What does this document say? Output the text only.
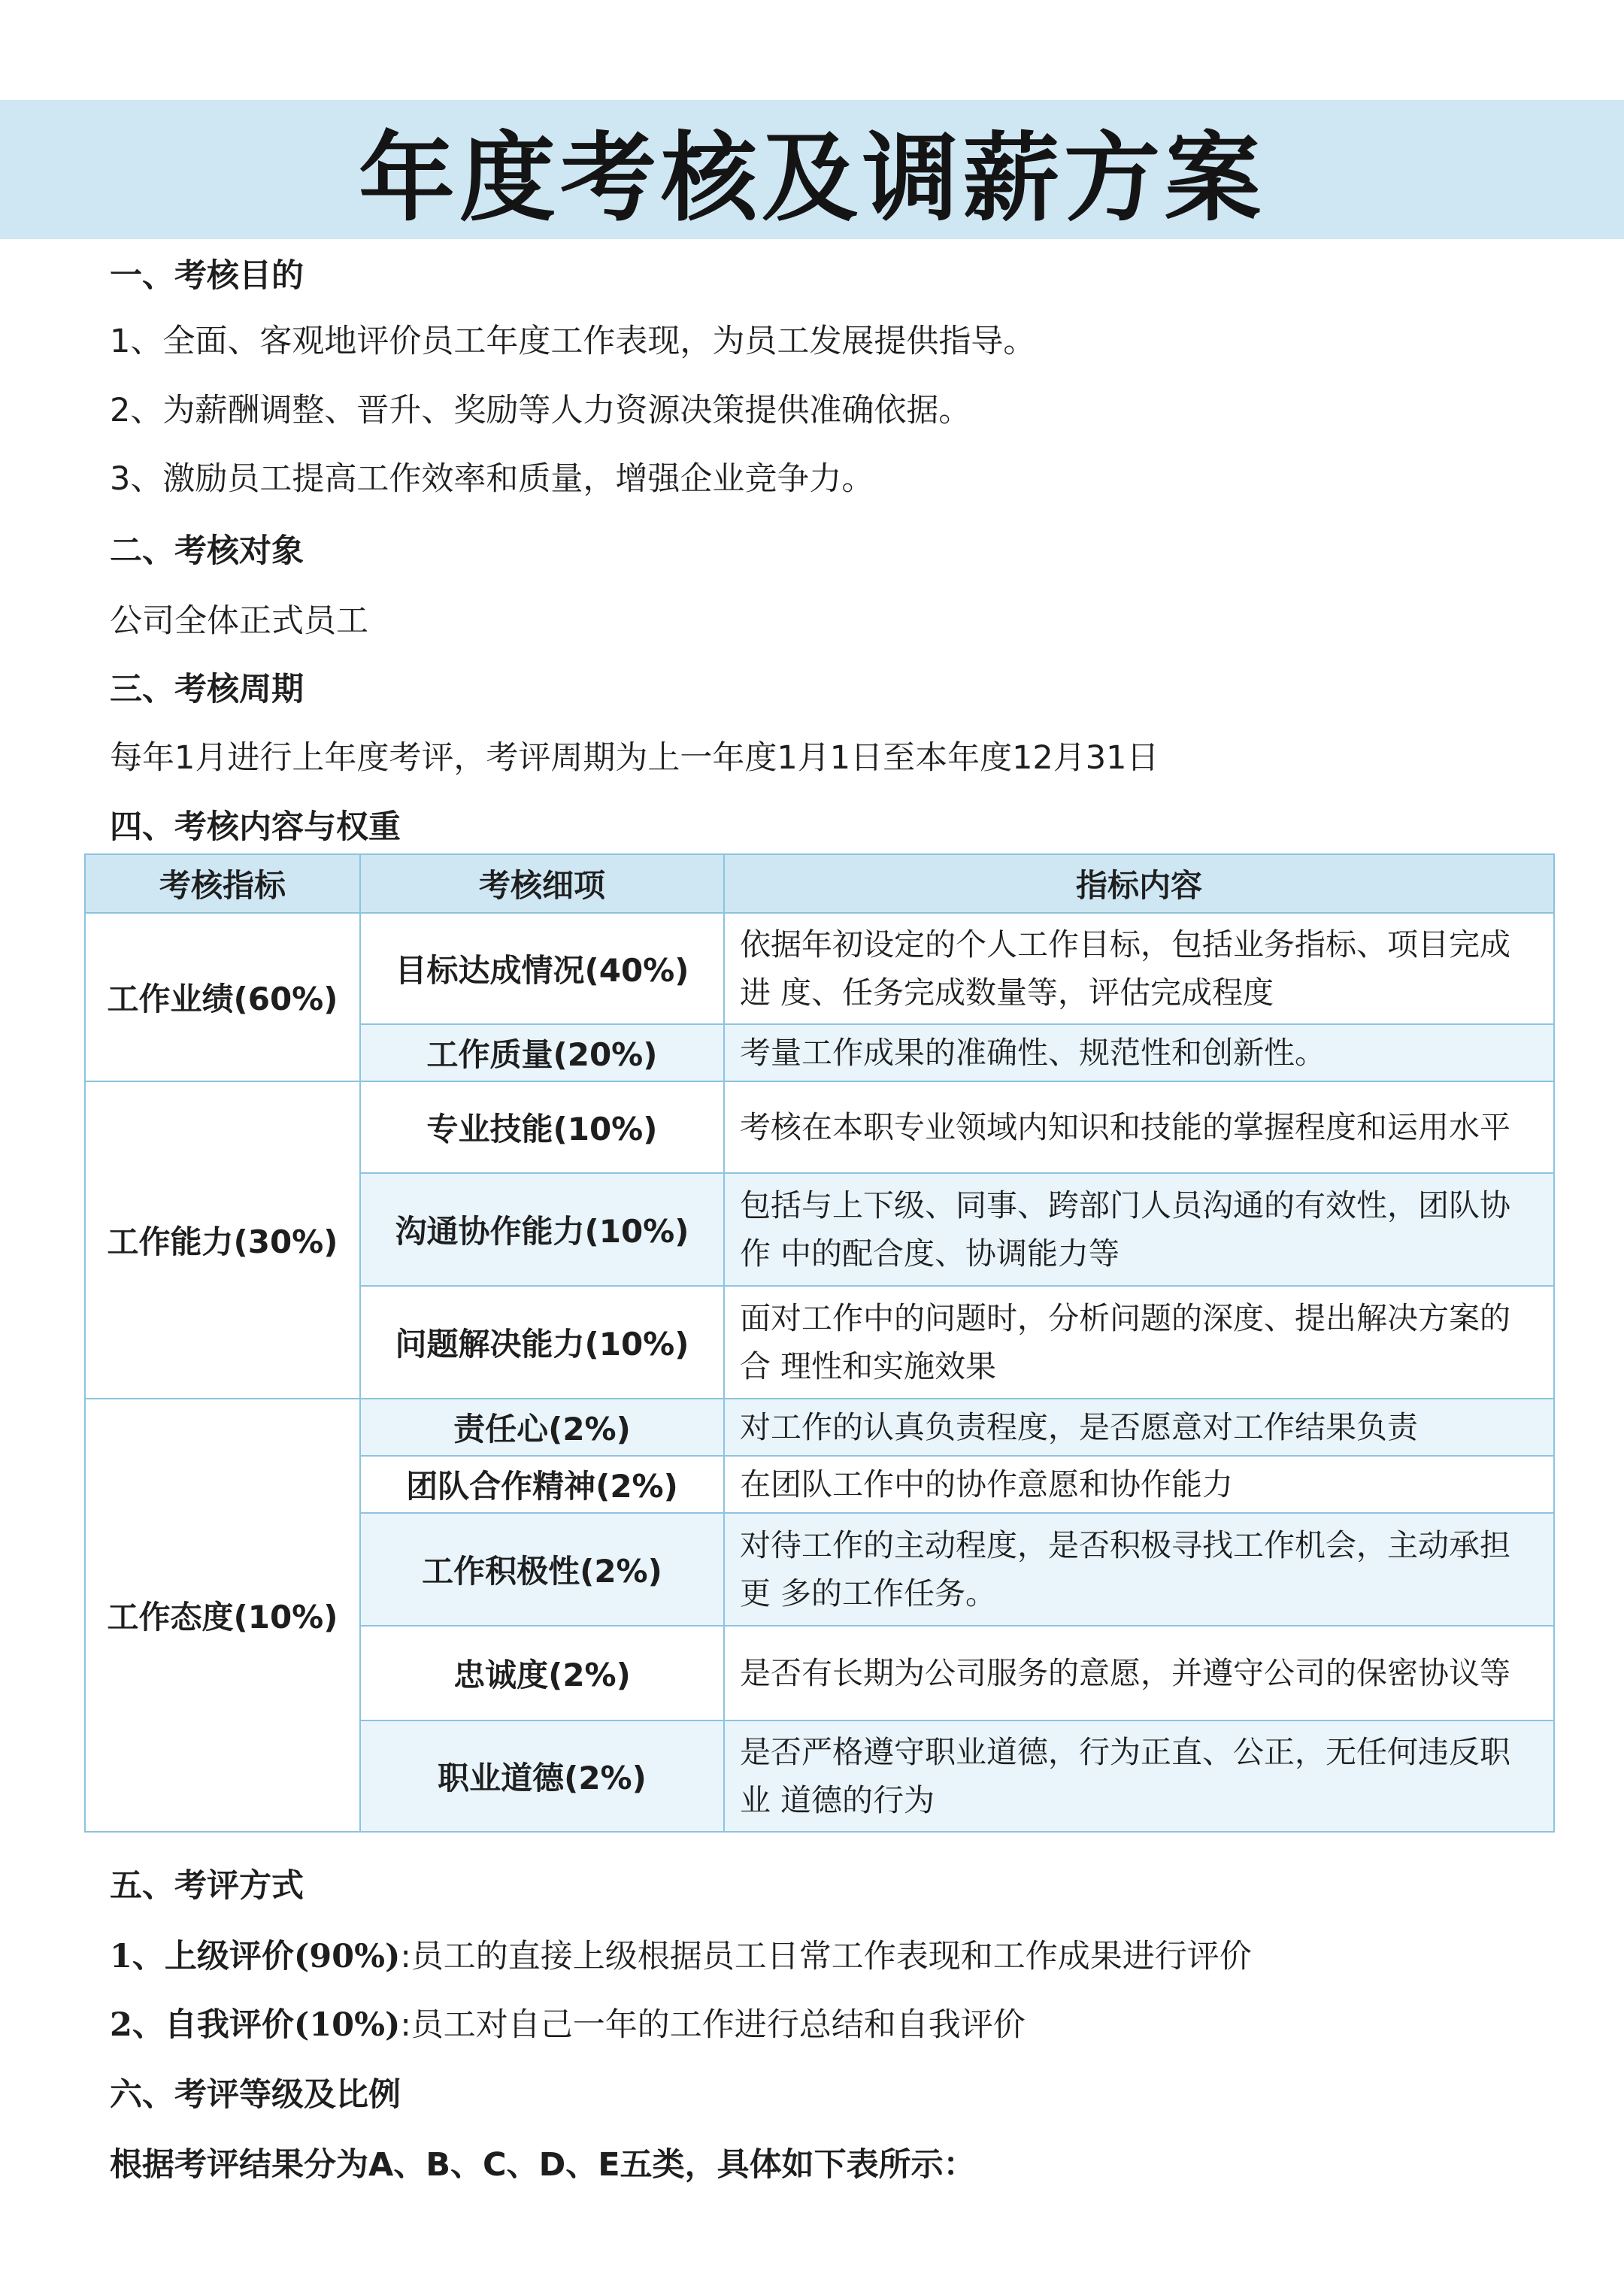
年度考核及调薪方案
一、考核目的
1、全面、客观地评价员工年度工作表现，为员工发展提供指导。
2、为薪酬调整、晋升、奖励等人力资源决策提供准确依据。
3、激励员工提高工作效率和质量，增强企业竞争力。
二、考核对象
公司全体正式员工
三、考核周期
每年1月进行上年度考评，考评周期为上一年度1月1日至本年度12月31日
四、考核内容与权重
考核指标	考核细项	指标内容
工作业绩(60%)	目标达成情况(40%)	依据年初设定的个人工作目标，包括业务指标、项目完成进 度、任务完成数量等，评估完成程度
	工作质量(20%)	考量工作成果的准确性、规范性和创新性。
工作能力(30%)	专业技能(10%)	考核在本职专业领域内知识和技能的掌握程度和运用水平
	沟通协作能力(10%)	包括与上下级、同事、跨部门人员沟通的有效性，团队协作 中的配合度、协调能力等
	问题解决能力(10%)	面对工作中的问题时，分析问题的深度、提出解决方案的合 理性和实施效果
工作态度(10%)	责任心(2%)	对工作的认真负责程度，是否愿意对工作结果负责
	团队合作精神(2%)	在团队工作中的协作意愿和协作能力
	工作积极性(2%)	对待工作的主动程度，是否积极寻找工作机会，主动承担更 多的工作任务。
	忠诚度(2%)	是否有长期为公司服务的意愿，并遵守公司的保密协议等
	职业道德(2%)	是否严格遵守职业道德，行为正直、公正，无任何违反职业 道德的行为
五、考评方式
1、上级评价(90%):员工的直接上级根据员工日常工作表现和工作成果进行评价
2、自我评价(10%):员工对自己一年的工作进行总结和自我评价
六、考评等级及比例
根据考评结果分为A、B、C、D、E五类，具体如下表所示：
